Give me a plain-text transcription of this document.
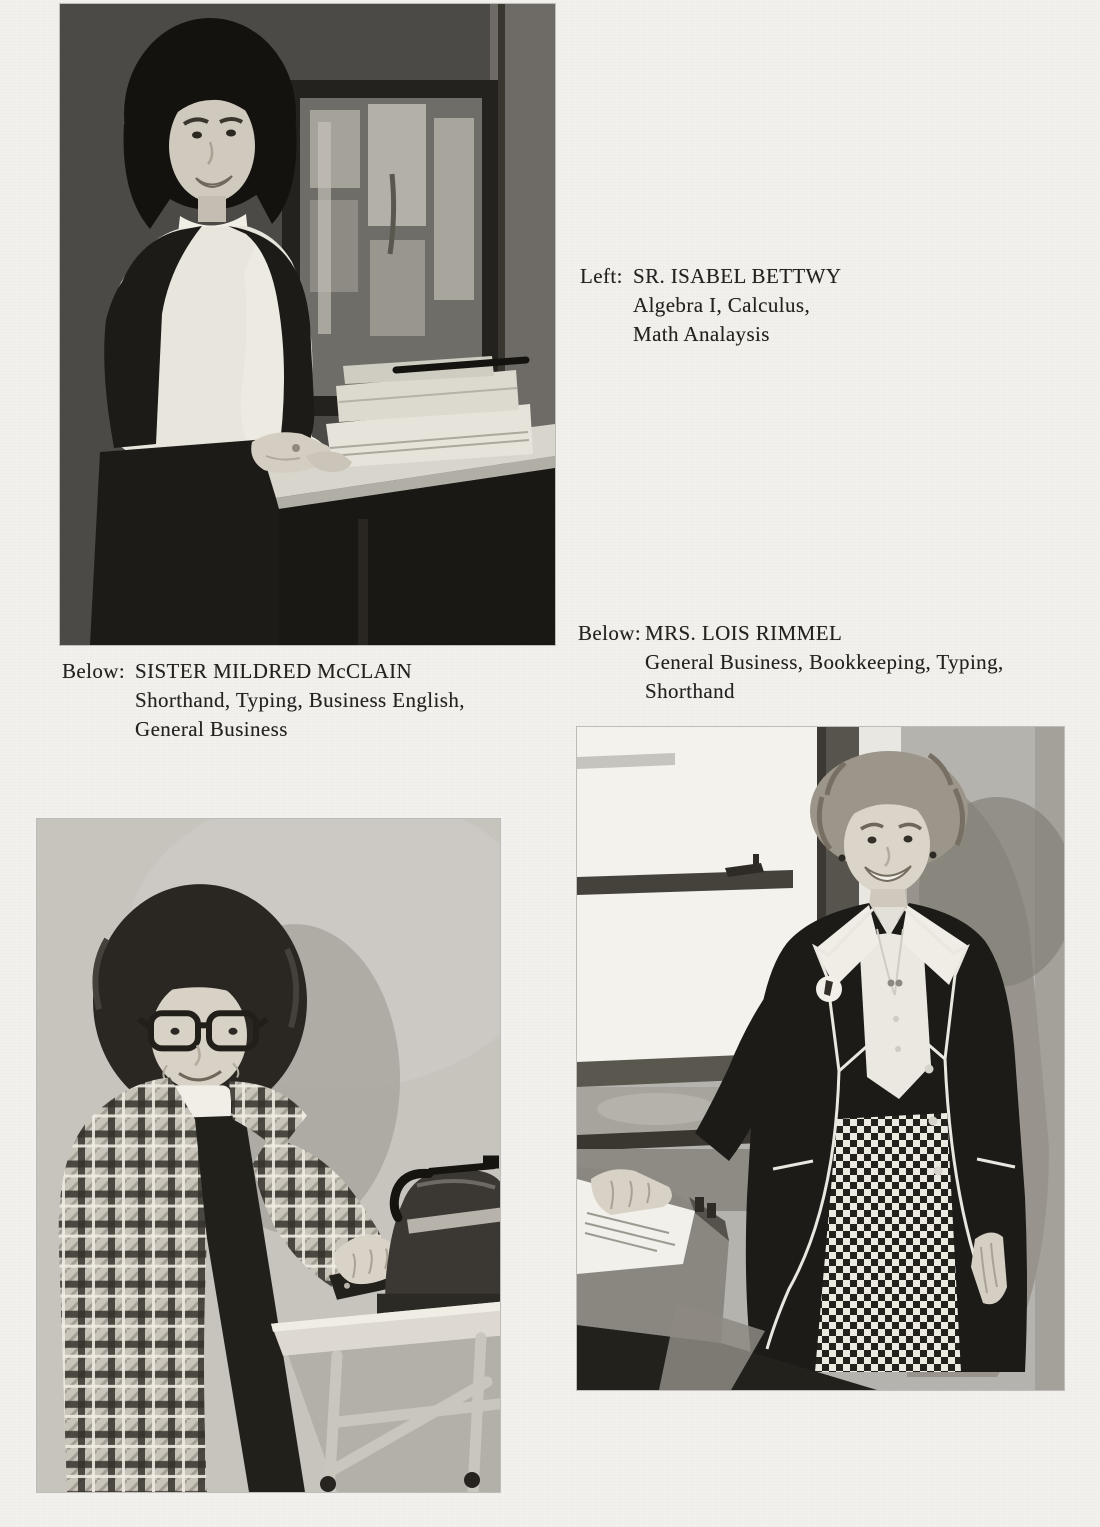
Left: SR. ISABEL BETTWY
Algebra I, Calculus,
Math Analaysis
Below: MRS. LOIS RIMMEL
General Business, Bookkeeping, Typing,
Shorthand
Below: SISTER MILDRED McCLAIN
Shorthand, Typing, Business English,
General Business
